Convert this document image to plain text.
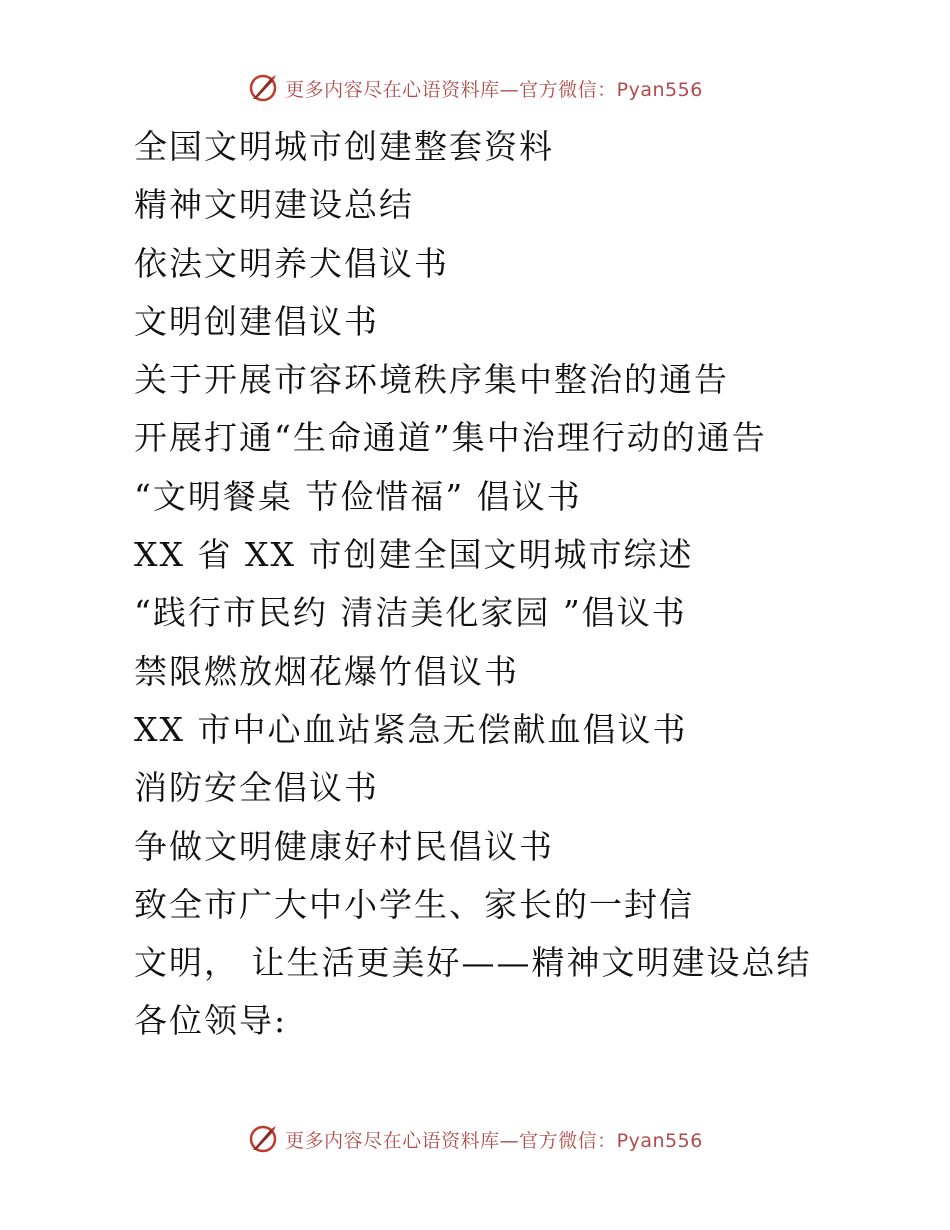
更多内容尽在心语资料库—官方微信：Pyan556
全国文明城市创建整套资料
精神文明建设总结
依法文明养犬倡议书
文明创建倡议书
关于开展市容环境秩序集中整治的通告
开展打通“生命通道”集中治理行动的通告
“文明餐桌 节俭惜福” 倡议书
XX 省 XX 市创建全国文明城市综述
“践行市民约 清洁美化家园 ”倡议书
禁限燃放烟花爆竹倡议书
XX 市中心血站紧急无偿献血倡议书
消防安全倡议书
争做文明健康好村民倡议书
致全市广大中小学生、家长的一封信
文明， 让生活更美好——精神文明建设总结
各位领导:
更多内容尽在心语资料库—官方微信：Pyan556
